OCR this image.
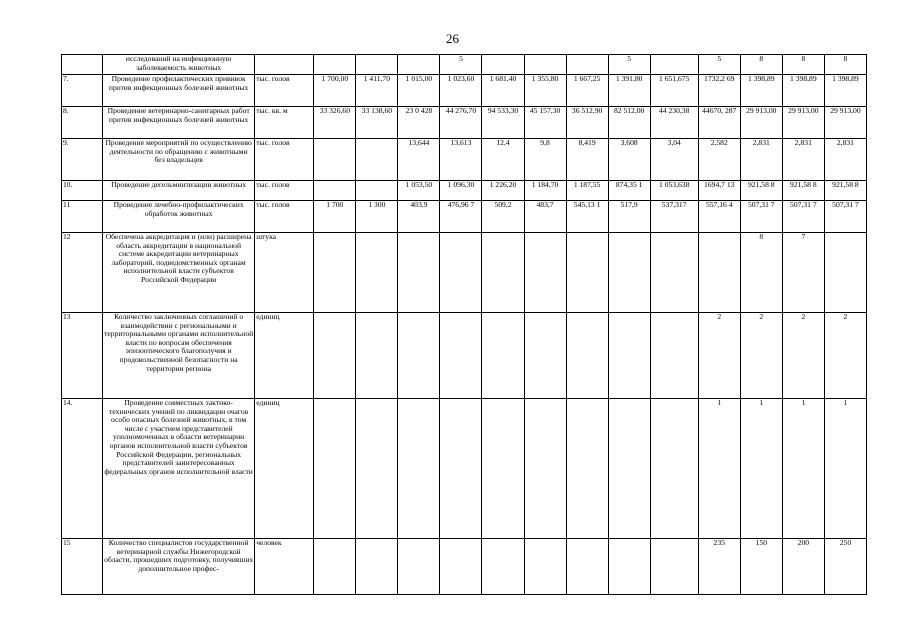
26
	исследований на инфекционную заболеваемость животных					5				5		5	8	8	8
7.	Проведение профилактических прививок против инфекционных болезней животных	тыс. голов	1 700,00	1 411,70	1 015,00	1 023,60	1 681,40	1 355,80	1 667,25	1 391,80	1 651,675	1732,2 69	1 398,89	1 398,89	1 398,89
8.	Проведение ветеринарно-санитарных работ против инфекционных болезней животных	тыс. кв. м	33 326,60	33 138,60	23 0 428	44 276,70	94 533,30	45 157,30	36 512,90	82 512,00	44 230,38	44670, 287	29 913,00	29 913,00	29 913,00
9.	Проведение мероприятий по осуществлению деятельности по обращению с животными без владельцев	тыс. голов			13,644	13,613	12,4	9,8	8,419	3,608	3,04	2,582	2,831	2,831	2,831
10.	Проведение дегельминтизации животных	тыс. голов			1 053,50	1 096,30	1 226,20	1 184,70	1 187,55	874,35 1	1 053,638	1694,7 13	921,58 8	921,58 8	921,58 8
11	Проведение лечебно-профилактических обработок животных	тыс. голов	1 700	1 300	403,9	476,96 7	509,2	483,7	545,13 1	517,9	537,317	557,16 4	507,31 7	507,31 7	507,31 7
12	Обеспечена аккредитация и (или) расширена область аккредитации в национальной системе аккредитации ветеринарных лабораторий, подведомственных органам исполнительной власти субъектов Российской Федерации	штука											8	7	
13	Количество заключенных соглашений о взаимодействии с региональными и территориальными органами исполнительной власти по вопросам обеспечения эпизоотического благополучия и продовольственной безопасности на территории региона	единиц										2	2	2	2
14.	Проведение совместных тактико-технических учений по ликвидации очагов особо опасных болезней животных, в том числе с участием представителей уполномоченных в области ветеринарии органов исполнительной власти субъектов Российской Федерации, региональных представителей заинтересованных федеральных органов исполнительной власти	единиц										1	1	1	1
15	Количество специалистов государственной ветеринарной службы Нижегородской области, прошедших подготовку, получивших дополнительное профес-	человек										235	150	200	250
